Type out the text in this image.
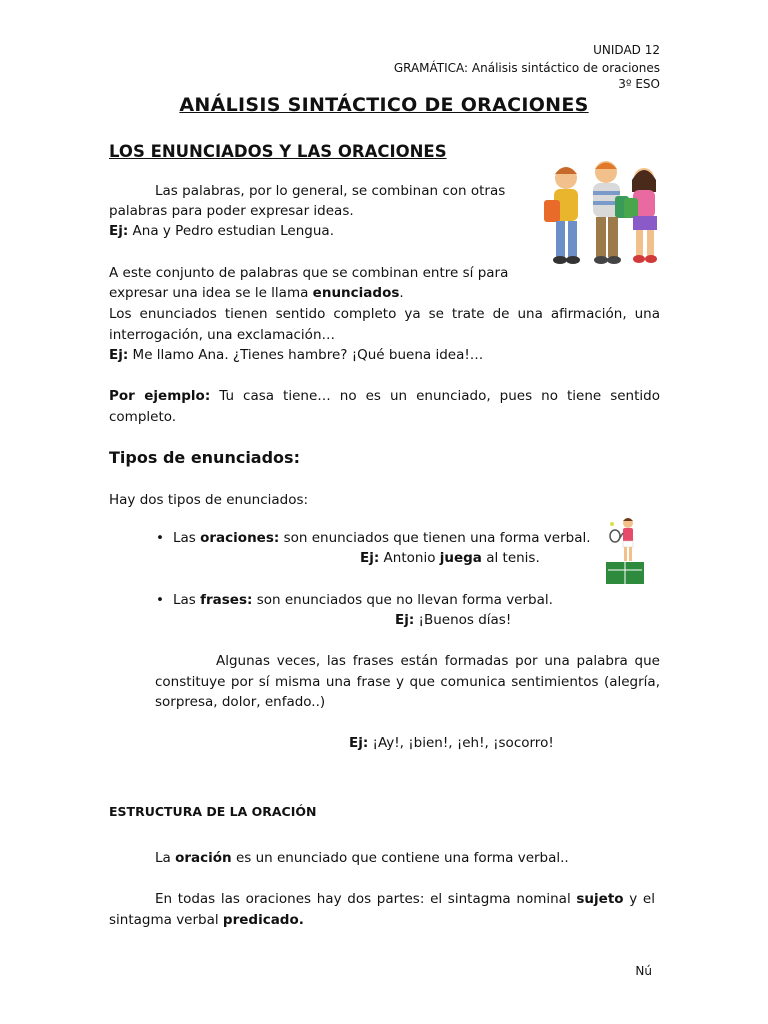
UNIDAD 12
GRAMÁTICA: Análisis sintáctico de oraciones
3º ESO
ANÁLISIS SINTÁCTICO DE ORACIONES
LOS ENUNCIADOS Y LAS ORACIONES
Las palabras, por lo general, se combinan con otras
palabras para poder expresar ideas.
Ej: Ana y Pedro estudian Lengua.
A este conjunto de palabras que se combinan entre sí para
expresar una idea se le llama enunciados.
Los enunciados tienen sentido completo ya se trate de una afirmación, una interrogación, una exclamación…
Ej: Me llamo Ana. ¿Tienes hambre? ¡Qué buena idea!…
Por ejemplo: Tu casa tiene… no es un enunciado, pues no tiene sentido completo.
Tipos de enunciados:
Hay dos tipos de enunciados:
• Las oraciones: son enunciados que tienen una forma verbal.
Ej: Antonio juega al tenis.
• Las frases: son enunciados que no llevan forma verbal.
Ej: ¡Buenos días!
Algunas veces, las frases están formadas por una palabra que constituye por sí misma una frase y que comunica sentimientos (alegría, sorpresa, dolor, enfado..)
Ej: ¡Ay!, ¡bien!, ¡eh!, ¡socorro!
ESTRUCTURA DE LA ORACIÓN
La oración es un enunciado que contiene una forma verbal..
En todas las oraciones hay dos partes: el sintagma nominal sujeto y el sintagma verbal predicado.
Nú
